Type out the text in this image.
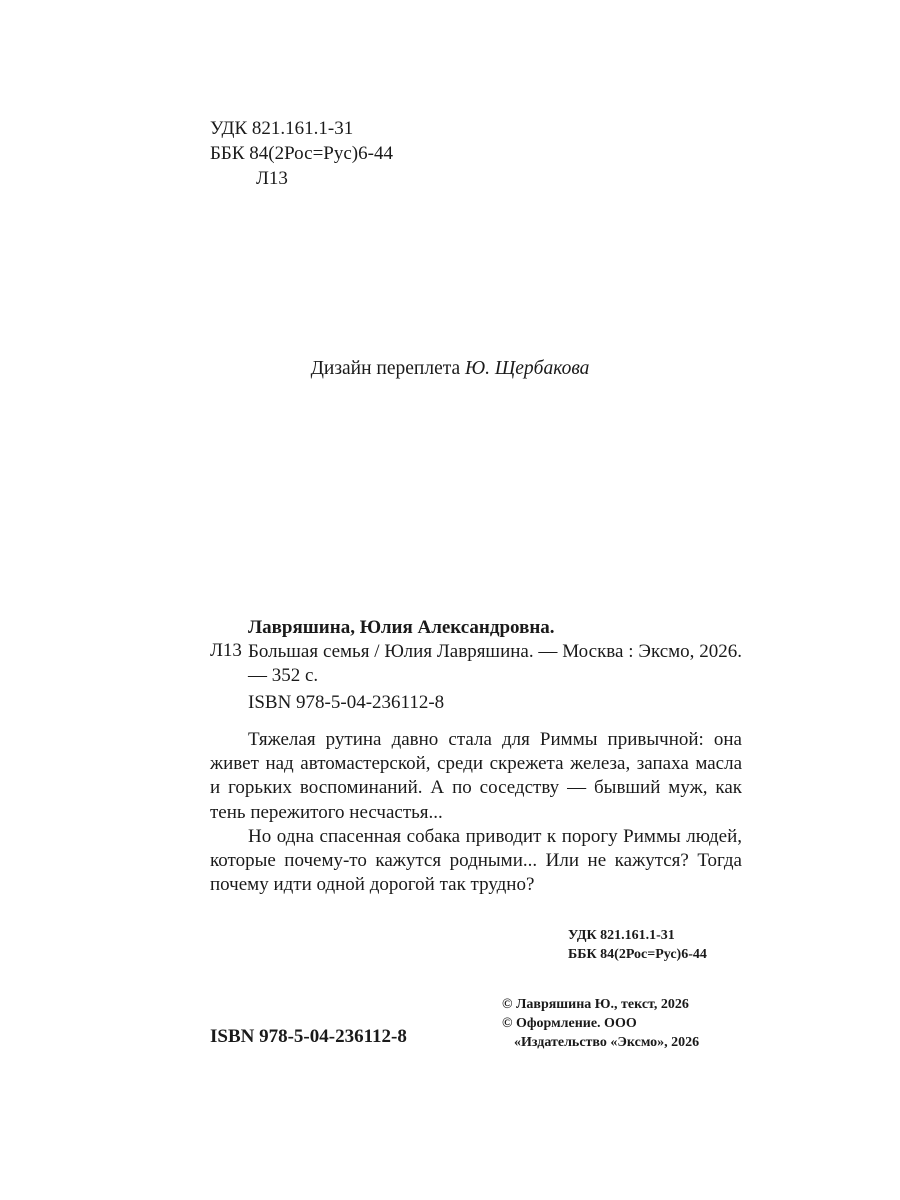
УДК 821.161.1-31
ББК 84(2Рос=Рус)6-44
Л13
Дизайн переплета Ю. Щербакова
Лавряшина, Юлия Александровна.
Л13 Большая семья / Юлия Лавряшина. — Москва : Эксмо, 2026. — 352 с.
ISBN 978-5-04-236112-8

Тяжелая рутина давно стала для Риммы привычной: она живет над автомастерской, среди скрежета железа, запаха масла и горьких воспоминаний. А по соседству — бывший муж, как тень пережитого несчастья...

Но одна спасенная собака приводит к порогу Риммы людей, которые почему-то кажутся родными... Или не кажутся? Тогда почему идти одной дорогой так трудно?

УДК 821.161.1-31
ББК 84(2Рос=Рус)6-44
ISBN 978-5-04-236112-8
© Лавряшина Ю., текст, 2026
© Оформление. ООО
«Издательство «Эксмо», 2026
